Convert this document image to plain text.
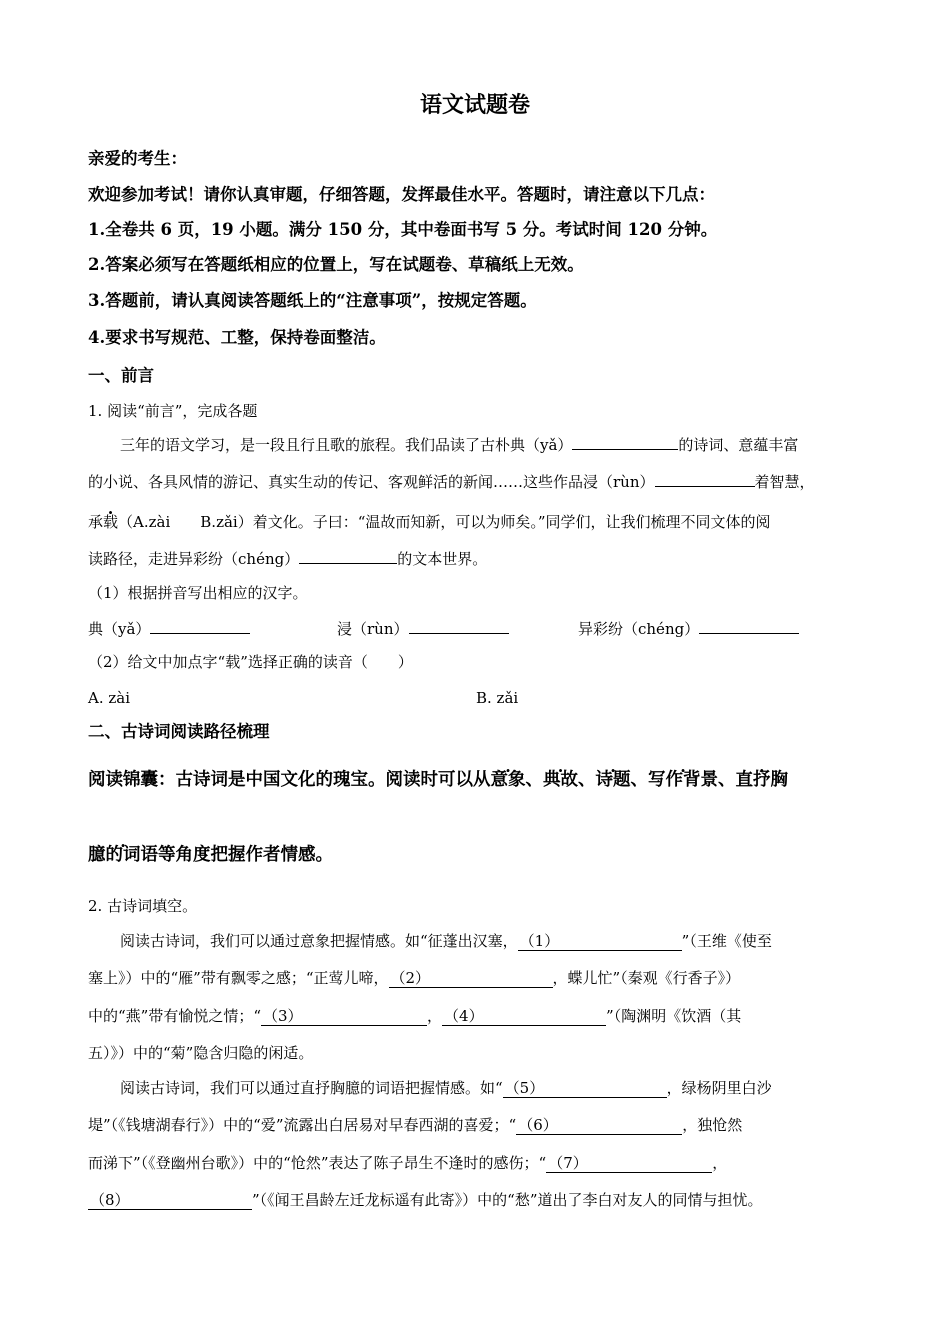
语文试题卷
亲爱的考生：
欢迎参加考试！请你认真审题，仔细答题，发挥最佳水平。答题时，请注意以下几点：
1.全卷共 6 页，19 小题。满分 150 分，其中卷面书写 5 分。考试时间 120 分钟。
2.答案必须写在答题纸相应的位置上，写在试题卷、草稿纸上无效。
3.答题前，请认真阅读答题纸上的“注意事项”，按规定答题。
4.要求书写规范、工整，保持卷面整洁。
一、前言
1. 阅读“前言”，完成各题
三年的语文学习，是一段且行且歌的旅程。我们品读了古朴典（yǎ）	的诗词、意蕴丰富
的小说、各具风情的游记、真实生动的传记、客观鲜活的新闻……这些作品浸（rùn）	着智慧，
承载（A.zài　　B.zǎi）着文化。子曰：“温故而知新，可以为师矣。”同学们，让我们梳理不同文体的阅
读路径，走进异彩纷（chéng）	的文本世界。
（1）根据拼音写出相应的汉字。
典（yǎ）	浸（rùn）	异彩纷（chéng）
（2）给文中加点字“载”选择正确的读音（　　）
A. zài	B. zǎi
二、古诗词阅读路径梳理
阅读锦囊：古诗词是中国文化的瑰宝。阅读时可以从意象、典故、诗题、写作背景、直抒胸
臆的词语等角度把握作者情感。
2. 古诗词填空。
阅读古诗词，我们可以通过意象把握情感。如“征蓬出汉塞， （1）	”（王维《使至
塞上》）中的“雁”带有飘零之感；“正莺儿啼， （2）	，蝶儿忙”（秦观《行香子》）
中的“燕”带有愉悦之情；“ （3）	， （4）	”（陶渊明《饮酒（其
五）》）中的“菊”隐含归隐的闲适。
阅读古诗词，我们可以通过直抒胸臆的词语把握情感。如“ （5）	，绿杨阴里白沙
堤”（《钱塘湖春行》）中的“爱”流露出白居易对早春西湖的喜爱；“ （6）	，独怆然
而涕下”（《登幽州台歌》）中的“怆然”表达了陈子昂生不逢时的感伤；“ （7）	，
（8）	”（《闻王昌龄左迁龙标遥有此寄》）中的“愁”道出了李白对友人的同情与担忧。
